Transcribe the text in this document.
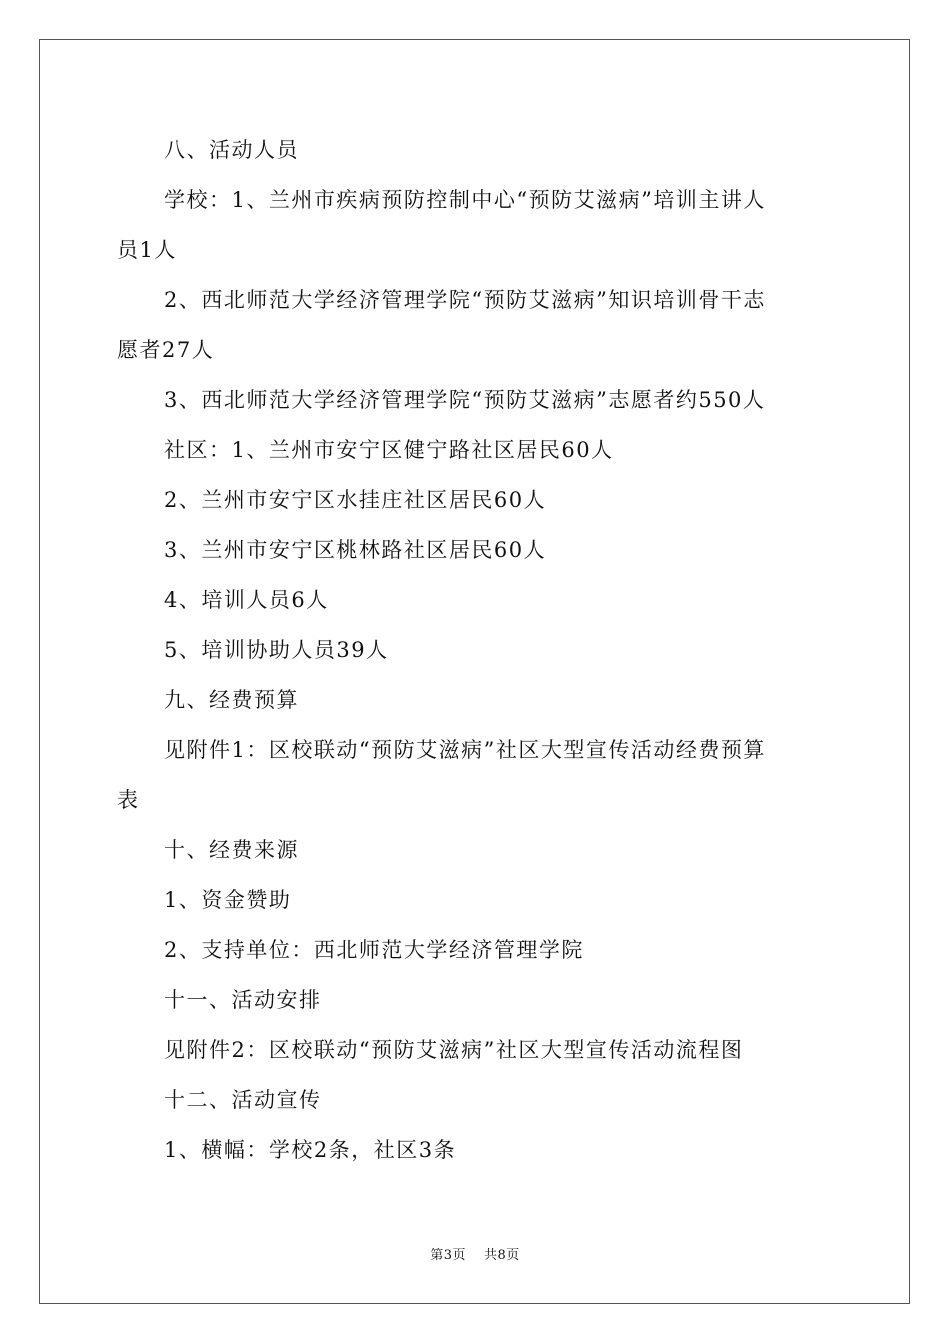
八、活动人员

学校：1、兰州市疾病预防控制中心“预防艾滋病”培训主讲人

员1人

2、西北师范大学经济管理学院“预防艾滋病”知识培训骨干志

愿者27人

3、西北师范大学经济管理学院“预防艾滋病”志愿者约550人

社区：1、兰州市安宁区健宁路社区居民60人

2、兰州市安宁区水挂庄社区居民60人

3、兰州市安宁区桃林路社区居民60人

4、培训人员6人

5、培训协助人员39人

九、经费预算

见附件1：区校联动“预防艾滋病”社区大型宣传活动经费预算

表

十、经费来源

1、资金赞助

2、支持单位：西北师范大学经济管理学院

十一、活动安排

见附件2：区校联动“预防艾滋病”社区大型宣传活动流程图

十二、活动宣传

1、横幅：学校2条，社区3条

第3页 共8页
